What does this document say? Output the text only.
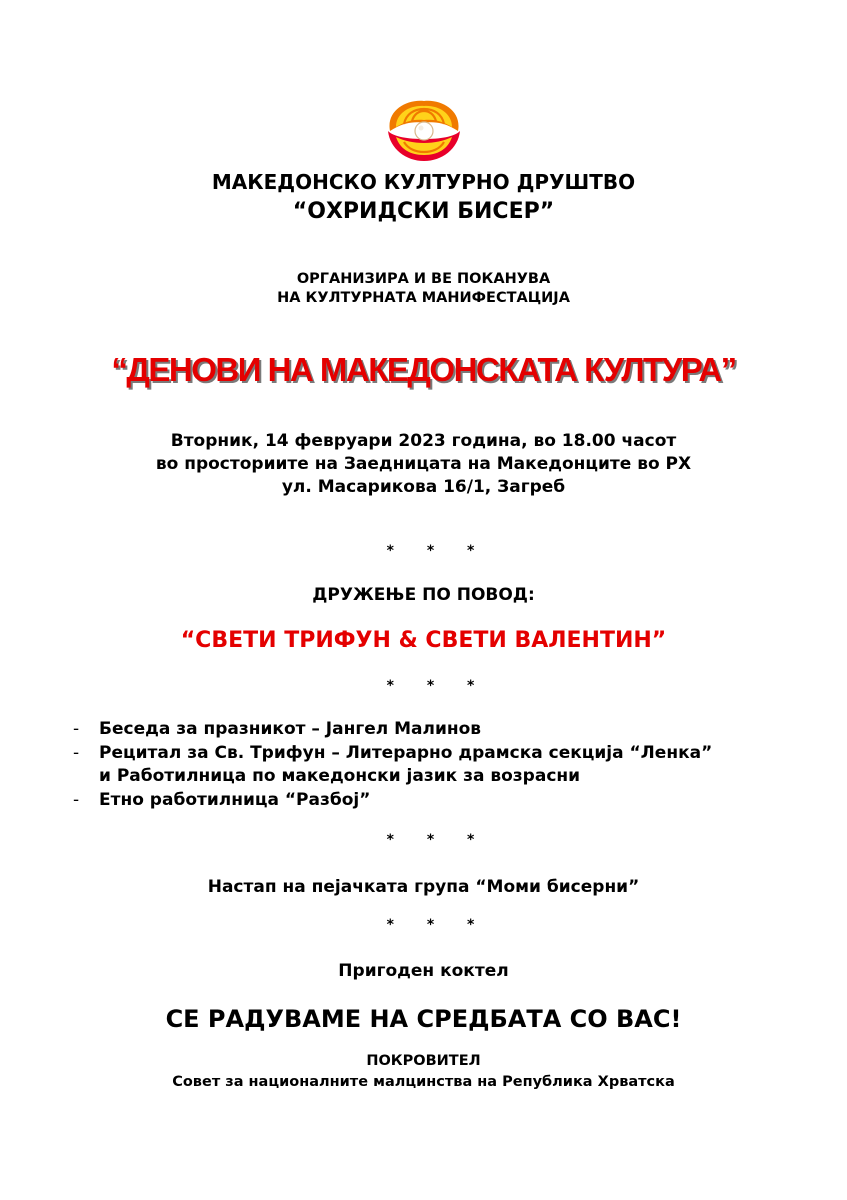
МАКЕДОНСКО КУЛТУРНО ДРУШТВО
“ОХРИДСКИ БИСЕР”
ОРГАНИЗИРА И ВЕ ПОКАНУВА
НА КУЛТУРНАТА МАНИФЕСТАЦИЈА
“ДЕНОВИ НА МАКЕДОНСКАТА КУЛТУРА”
Вторник, 14 февруари 2023 година, во 18.00 часот
во просториите на Заедницата на Македонците во РХ
ул. Масарикова 16/1, Загреб
* * *
ДРУЖЕЊЕ ПО ПОВОД:
“СВЕТИ ТРИФУН & СВЕТИ ВАЛЕНТИН”
* * *
- Беседа за празникот – Јангел Малинов
- Рецитал за Св. Трифун – Литерарно драмска секција “Ленка”
и Работилница по македонски јазик за возрасни
- Етно работилница “Разбој”
* * *
Настап на пејачката група “Моми бисерни”
* * *
Пригоден коктел
СЕ РАДУВАМЕ НА СРЕДБАТА СО ВАС!
ПОКРОВИТЕЛ
Совет за националните малцинства на Република Хрватска
